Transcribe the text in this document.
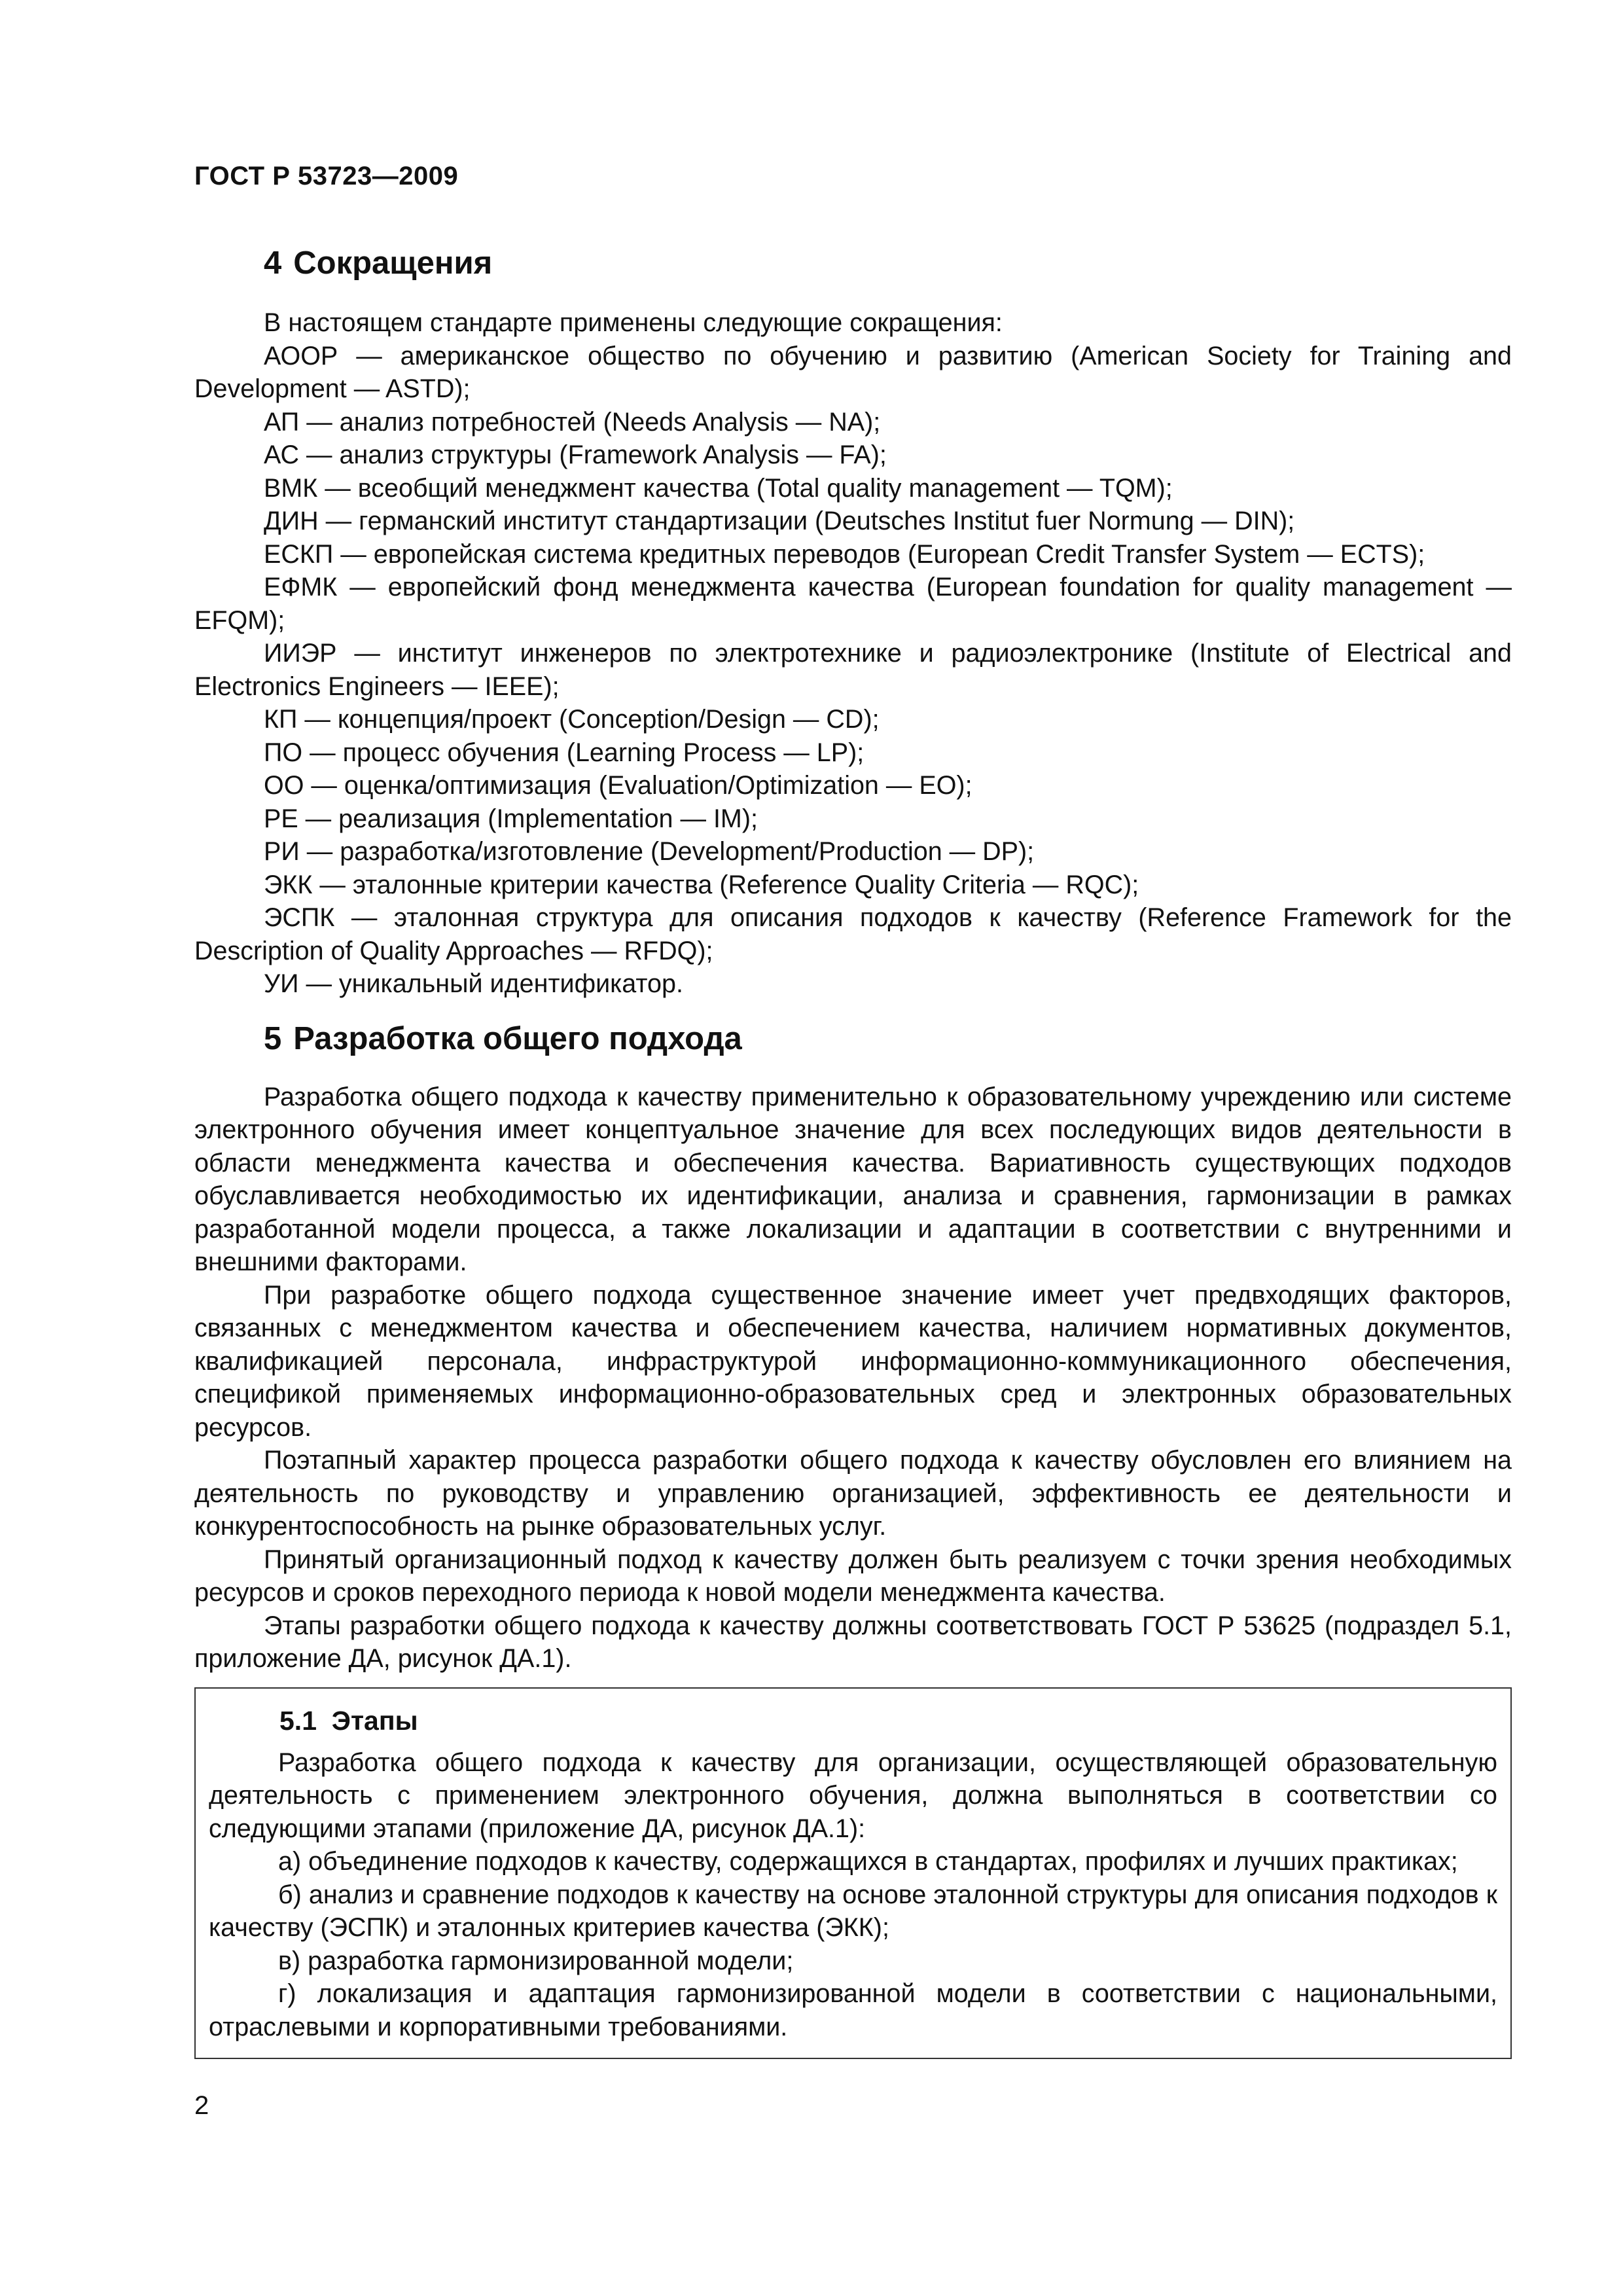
ГОСТ Р 53723—2009
4 Сокращения

В настоящем стандарте применены следующие сокращения:

АООР — американское общество по обучению и развитию (American Society for Training and Development — ASTD);

АП — анализ потребностей (Needs Analysis — NA);

АС — анализ структуры (Framework Analysis — FA);

ВМК — всеобщий менеджмент качества (Total quality management — TQM);

ДИН — германский институт стандартизации (Deutsches Institut fuer Normung — DIN);

ЕСКП — европейская система кредитных переводов (European Credit Transfer System — ECTS);

ЕФМК — европейский фонд менеджмента качества (European foundation for quality management — EFQM);

ИИЭР — институт инженеров по электротехнике и радиоэлектронике (Institute of Electrical and Electronics Engineers — IEEE);

КП — концепция/проект (Conception/Design — CD);

ПО — процесс обучения (Learning Process — LP);

ОО — оценка/оптимизация (Evaluation/Optimization — EO);

РЕ — реализация (Implementation — IM);

РИ — разработка/изготовление (Development/Production — DP);

ЭКК — эталонные критерии качества (Reference Quality Criteria — RQC);

ЭСПК — эталонная структура для описания подходов к качеству (Reference Framework for the Description of Quality Approaches — RFDQ);

УИ — уникальный идентификатор.

5 Разработка общего подхода

Разработка общего подхода к качеству применительно к образовательному учреждению или системе электронного обучения имеет концептуальное значение для всех последующих видов деятельности в области менеджмента качества и обеспечения качества. Вариативность существующих подходов обуславливается необходимостью их идентификации, анализа и сравнения, гармонизации в рамках разработанной модели процесса, а также локализации и адаптации в соответствии с внутренними и внешними факторами.

При разработке общего подхода существенное значение имеет учет предвходящих факторов, связанных с менеджментом качества и обеспечением качества, наличием нормативных документов, квалификацией персонала, инфраструктурой информационно-коммуникационного обеспечения, спецификой применяемых информационно-образовательных сред и электронных образовательных ресурсов.

Поэтапный характер процесса разработки общего подхода к качеству обусловлен его влиянием на деятельность по руководству и управлению организацией, эффективность ее деятельности и конкурентоспособность на рынке образовательных услуг.

Принятый организационный подход к качеству должен быть реализуем с точки зрения необходимых ресурсов и сроков переходного периода к новой модели менеджмента качества.

Этапы разработки общего подхода к качеству должны соответствовать ГОСТ Р 53625 (подраздел 5.1, приложение ДА, рисунок ДА.1).

5.1 Этапы

Разработка общего подхода к качеству для организации, осуществляющей образовательную деятельность с применением электронного обучения, должна выполняться в соответствии со следующими этапами (приложение ДА, рисунок ДА.1):

а) объединение подходов к качеству, содержащихся в стандартах, профилях и лучших практиках;

б) анализ и сравнение подходов к качеству на основе эталонной структуры для описания подходов к качеству (ЭСПК) и эталонных критериев качества (ЭКК);

в) разработка гармонизированной модели;

г) локализация и адаптация гармонизированной модели в соответствии с национальными, отраслевыми и корпоративными требованиями.

2
